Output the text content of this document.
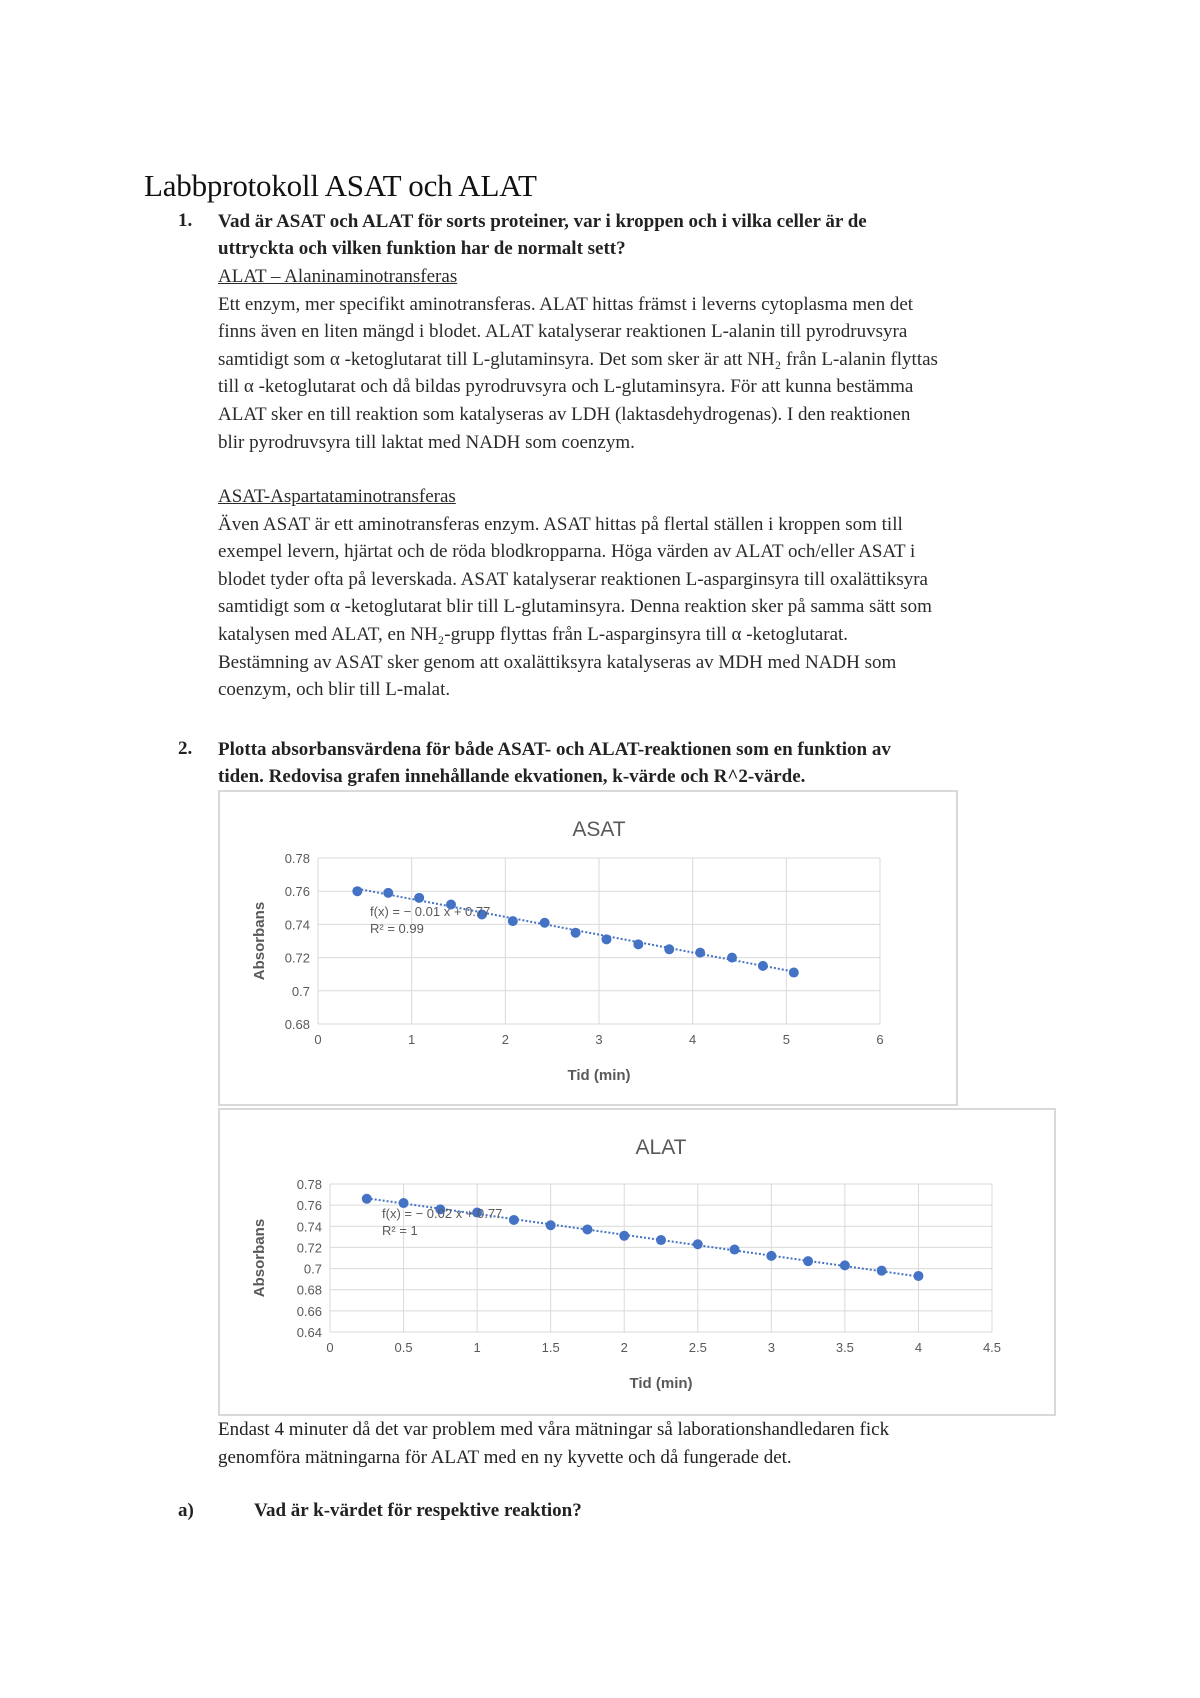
Labbprotokoll ASAT och ALAT
1. Vad är ASAT och ALAT för sorts proteiner, var i kroppen och i vilka celler är de
uttryckta och vilken funktion har de normalt sett?

ALAT – Alaninaminotransferas

Ett enzym, mer specifikt aminotransferas. ALAT hittas främst i leverns cytoplasma men det

finns även en liten mängd i blodet. ALAT katalyserar reaktionen L-alanin till pyrodruvsyra

samtidigt som α -ketoglutarat till L-glutaminsyra. Det som sker är att NH₂ från L-alanin flyttas

till α -ketoglutarat och då bildas pyrodruvsyra och L-glutaminsyra. För att kunna bestämma

ALAT sker en till reaktion som katalyseras av LDH (laktasdehydrogenas). I den reaktionen

blir pyrodruvsyra till laktat med NADH som coenzym.

ASAT-Aspartataminotransferas

Även ASAT är ett aminotransferas enzym. ASAT hittas på flertal ställen i kroppen som till

exempel levern, hjärtat och de röda blodkropparna. Höga värden av ALAT och/eller ASAT i

blodet tyder ofta på leverskada. ASAT katalyserar reaktionen L-asparginsyra till oxalättiksyra

samtidigt som α -ketoglutarat blir till L-glutaminsyra. Denna reaktion sker på samma sätt som

katalysen med ALAT, en NH₂-grupp flyttas från L-asparginsyra till α -ketoglutarat.

Bestämning av ASAT sker genom att oxalättiksyra katalyseras av MDH med NADH som

coenzym, och blir till L-malat.

2. Plotta absorbansvärdena för både ASAT- och ALAT-reaktionen som en funktion av
tiden. Redovisa grafen innehållande ekvationen, k-värde och R^2-värde.
ASAT
0.68
0.7
0.72
0.74
0.76
0.78
0	1	2	3	4	5	6
Tid (min)
Absorbans	f(x) = − 0.01 x + 0.77
R² = 0.99
ALAT
0.64
0.66
0.68
0.7
0.72
0.74
0.76
0.78
0	0.5	1	1.5	2	2.5	3	3.5	4	4.5
Tid (min)
Absorbans
f(x) = − 0.02 x + 0.77
R² = 1
Endast 4 minuter då det var problem med våra mätningar så laborationshandledaren fick
genomföra mätningarna för ALAT med en ny kyvette och då fungerade det.
a)	Vad är k-värdet för respektive reaktion?
